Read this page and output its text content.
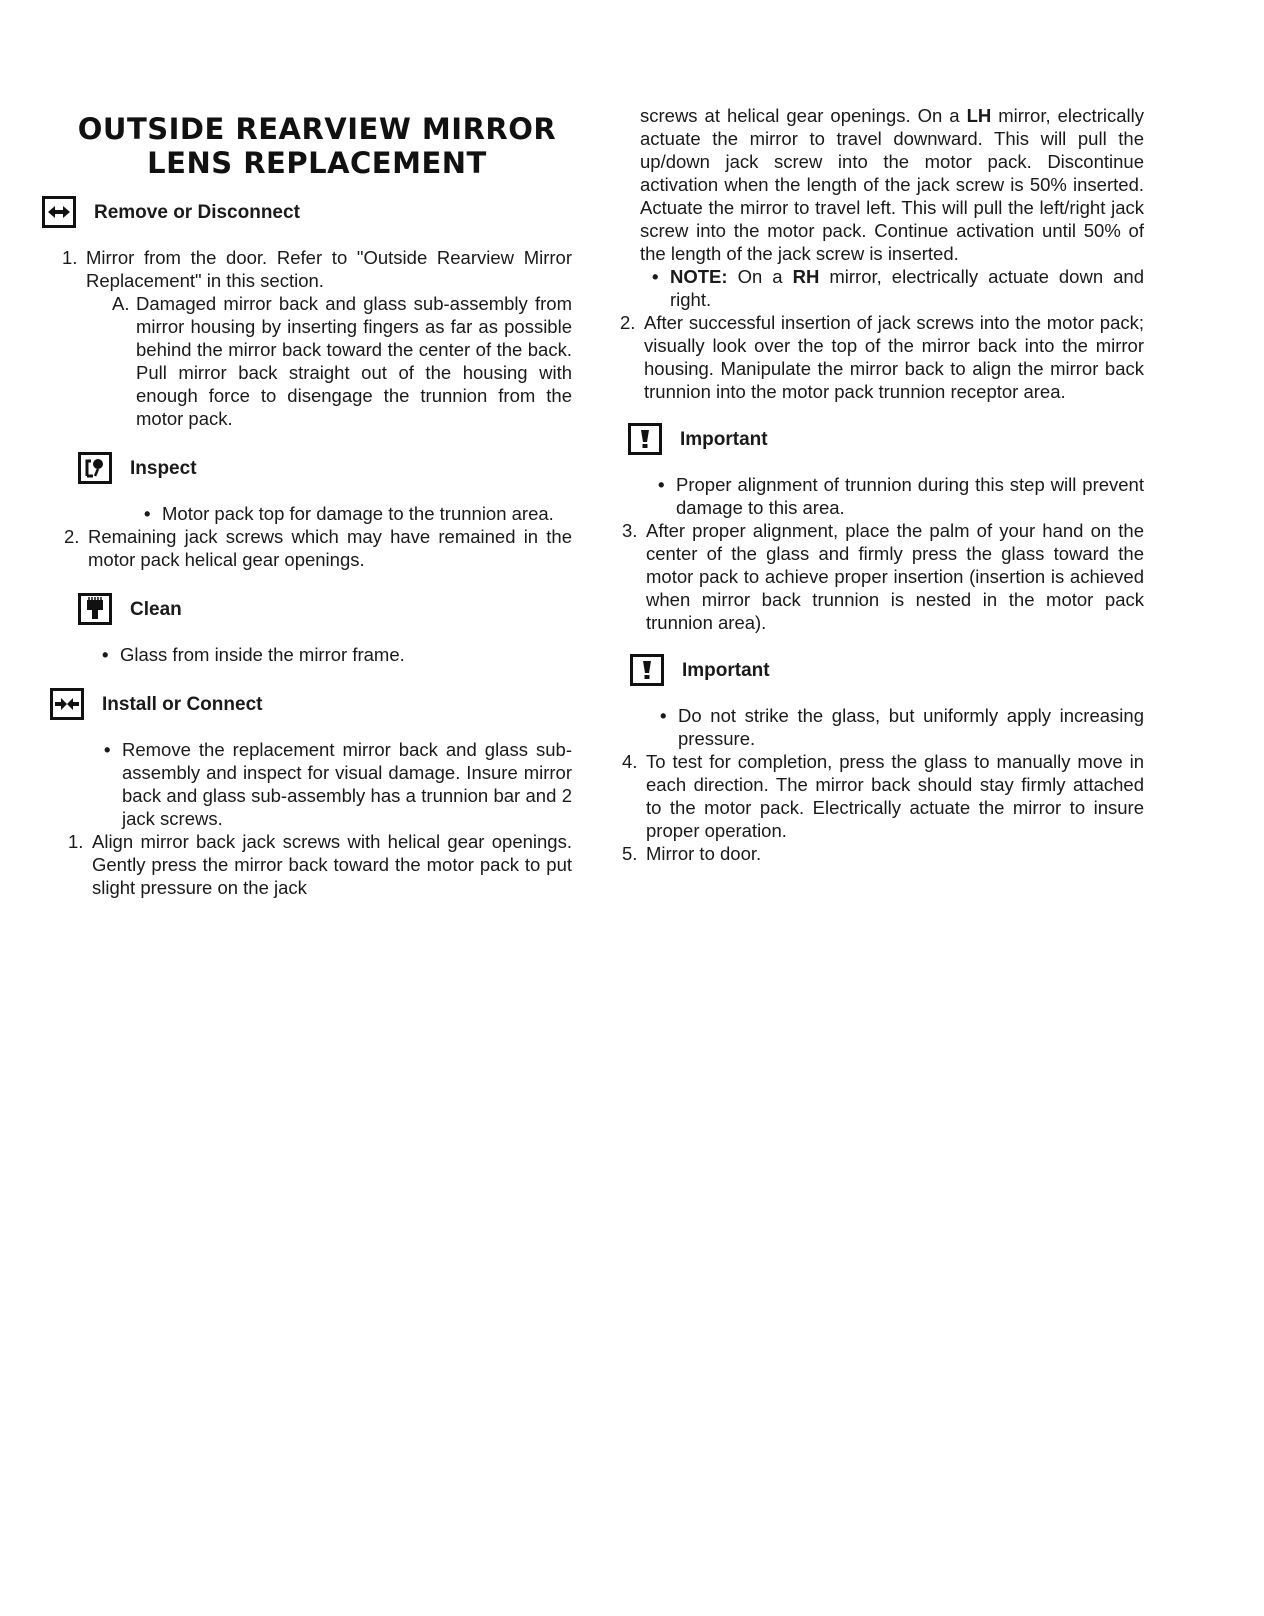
OUTSIDE REARVIEW MIRROR
LENS REPLACEMENT
Remove or Disconnect
1. Mirror from the door. Refer to "Outside Rearview Mirror Replacement" in this section.
A. Damaged mirror back and glass sub-assembly from mirror housing by inserting fingers as far as possible behind the mirror back toward the center of the back. Pull mirror back straight out of the housing with enough force to disengage the trunnion from the motor pack.
Inspect
• Motor pack top for damage to the trunnion area.
2. Remaining jack screws which may have remained in the motor pack helical gear openings.
Clean
• Glass from inside the mirror frame.
Install or Connect
• Remove the replacement mirror back and glass sub-assembly and inspect for visual damage. Insure mirror back and glass sub-assembly has a trunnion bar and 2 jack screws.
1. Align mirror back jack screws with helical gear openings. Gently press the mirror back toward the motor pack to put slight pressure on the jack
screws at helical gear openings. On a LH mirror, electrically actuate the mirror to travel downward. This will pull the up/down jack screw into the motor pack. Discontinue activation when the length of the jack screw is 50% inserted. Actuate the mirror to travel left. This will pull the left/right jack screw into the motor pack. Continue activation until 50% of the length of the jack screw is inserted.
• NOTE: On a RH mirror, electrically actuate down and right.
2. After successful insertion of jack screws into the motor pack; visually look over the top of the mirror back into the mirror housing. Manipulate the mirror back to align the mirror back trunnion into the motor pack trunnion receptor area.
Important
• Proper alignment of trunnion during this step will prevent damage to this area.
3. After proper alignment, place the palm of your hand on the center of the glass and firmly press the glass toward the motor pack to achieve proper insertion (insertion is achieved when mirror back trunnion is nested in the motor pack trunnion area).
Important
• Do not strike the glass, but uniformly apply increasing pressure.
4. To test for completion, press the glass to manually move in each direction. The mirror back should stay firmly attached to the motor pack. Electrically actuate the mirror to insure proper operation.
5. Mirror to door.
